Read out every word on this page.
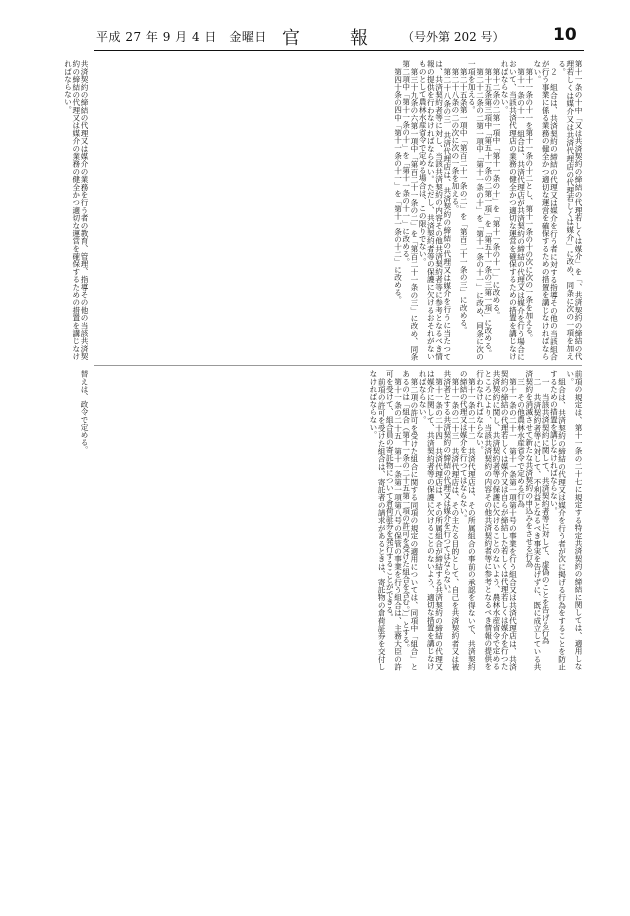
平成 27 年 9 月 4 日　金曜日 官　報 （号外第 202 号）	10
第十一条の十中「又は共済契約の締結の代理若しくは媒介」を「、共済契約の締結の代理若しくは媒介又は共済代理店の代理若しくは媒介」に改め、同条に次の一項を加える。
２　組合は、共済契約の締結の代理又は媒介を行う者に対する指導その他の当該組合が行う事業に係る業務の健全かつ適切な運営を確保するための措置を講じなければならない。
第十一条の十一を第十一条の十二とし、第十一条の十の次に次の一条を加える。
第十一条の十一　組合は、共済代理店が共済契約の締結の代理又は媒介を行う場合において、当該共済代理店の業務の健全かつ適切な運営を確保するための措置を講じなければならない。
第十二条の二第一項中「第十一条の十」を「第十一条の十一」に改める。
第十五条第三項中「第五十一条の二第一項」を「第五十一条の三第一項」に改める。
第二十二条の二第一項中「第十一条の十」を「第十一条の十一」に改め、同条に次の一項を加える。
第二十五条第一項中「第百二十一条の二」を「第百二十一条の三」に改める。
第二十八条の二の次に次の一条を加える。
第二十八条の三　共済代理店は、共済契約の締結の代理又は媒介を行うに当たつては、共済契約者等に対し、当該共済契約の内容その他共済契約者等に参考となるべき情報の提供を行わなければならない。ただし、共済契約者等の保護に欠けるおそれがないものとして農林水産省令で定める場合は、この限りでない。
第三十九条の六第一項中「第百二十一条の二」を「第百二十一条の三」に改め、同条第二項中「第十一条の十」を「第十一条の十一」に改める。
第四十条の四中「第十一条の十一」を「第十一条の十二」に改める。
共済契約の締結の代理又は媒介の業務を行う者の教育、管理、指導その他の当該共済契約の締結の代理又は媒介の業務の健全かつ適切な運営を確保するための措置を講じなければならない。
前項の規定は、第十一条の二十七に規定する特定共済契約の締結に関しては、適用しない。
組合は、共済契約の締結の代理又は媒介を行う者が次に掲げる行為をすることを防止するための措置を講じなければならない。
一　当該共済契約に関して、共済契約者等に対して、虚偽のことを告げる行為
二　共済契約者等に対して、不利益となるべき事実を告げずに、既に成立している共済契約を消滅させて新たな共済契約の申込みをさせる行為
三　その他農林水産省令で定める行為
第十一条の二十一　第十一条第一項第十号の事業を行う組合又は共済代理店は、共済契約の締結の代理若しくは媒介又は自らが締結した若しくは代理若しくは媒介を行つた共済契約に関し、共済契約者等の保護に欠けることのないよう、農林水産省令で定めるところにより、当該共済契約の内容その他共済契約者等に参考となるべき情報の提供を行わなければならない。
第十一条の二十二　共済代理店は、その所属組合の事前の承認を得ないで、共済契約の締結の代理又は媒介を行つてはならない。
第十一条の二十三　共済代理店は、その主たる目的として、自己を共済契約者又は被共済者とする共済契約の締結の代理又は媒介を行つてはならない。
第十一条の二十四　共済代理店は、その所属組合が締結する共済契約の締結の代理又は媒介に関して、共済契約者等の保護に欠けることのないよう、適切な措置を講じなければならない。
第二項の許可を受けた組合に関する同項の規定の適用については、同項中「組合」とあるのは「組合（第十一条の二十五第一項の許可を受けた組合を含む。）」とする。
第十一条の二十五　第十一条第一項第八号の保管の事業を行う組合は、主務大臣の許可を受けて、組合員の寄託物について倉荷証券を発行することができる。
前項の許可を受けた組合は、寄託者の請求があるときは、寄託物の倉荷証券を交付しなければならない。
替えは、政令で定める。
